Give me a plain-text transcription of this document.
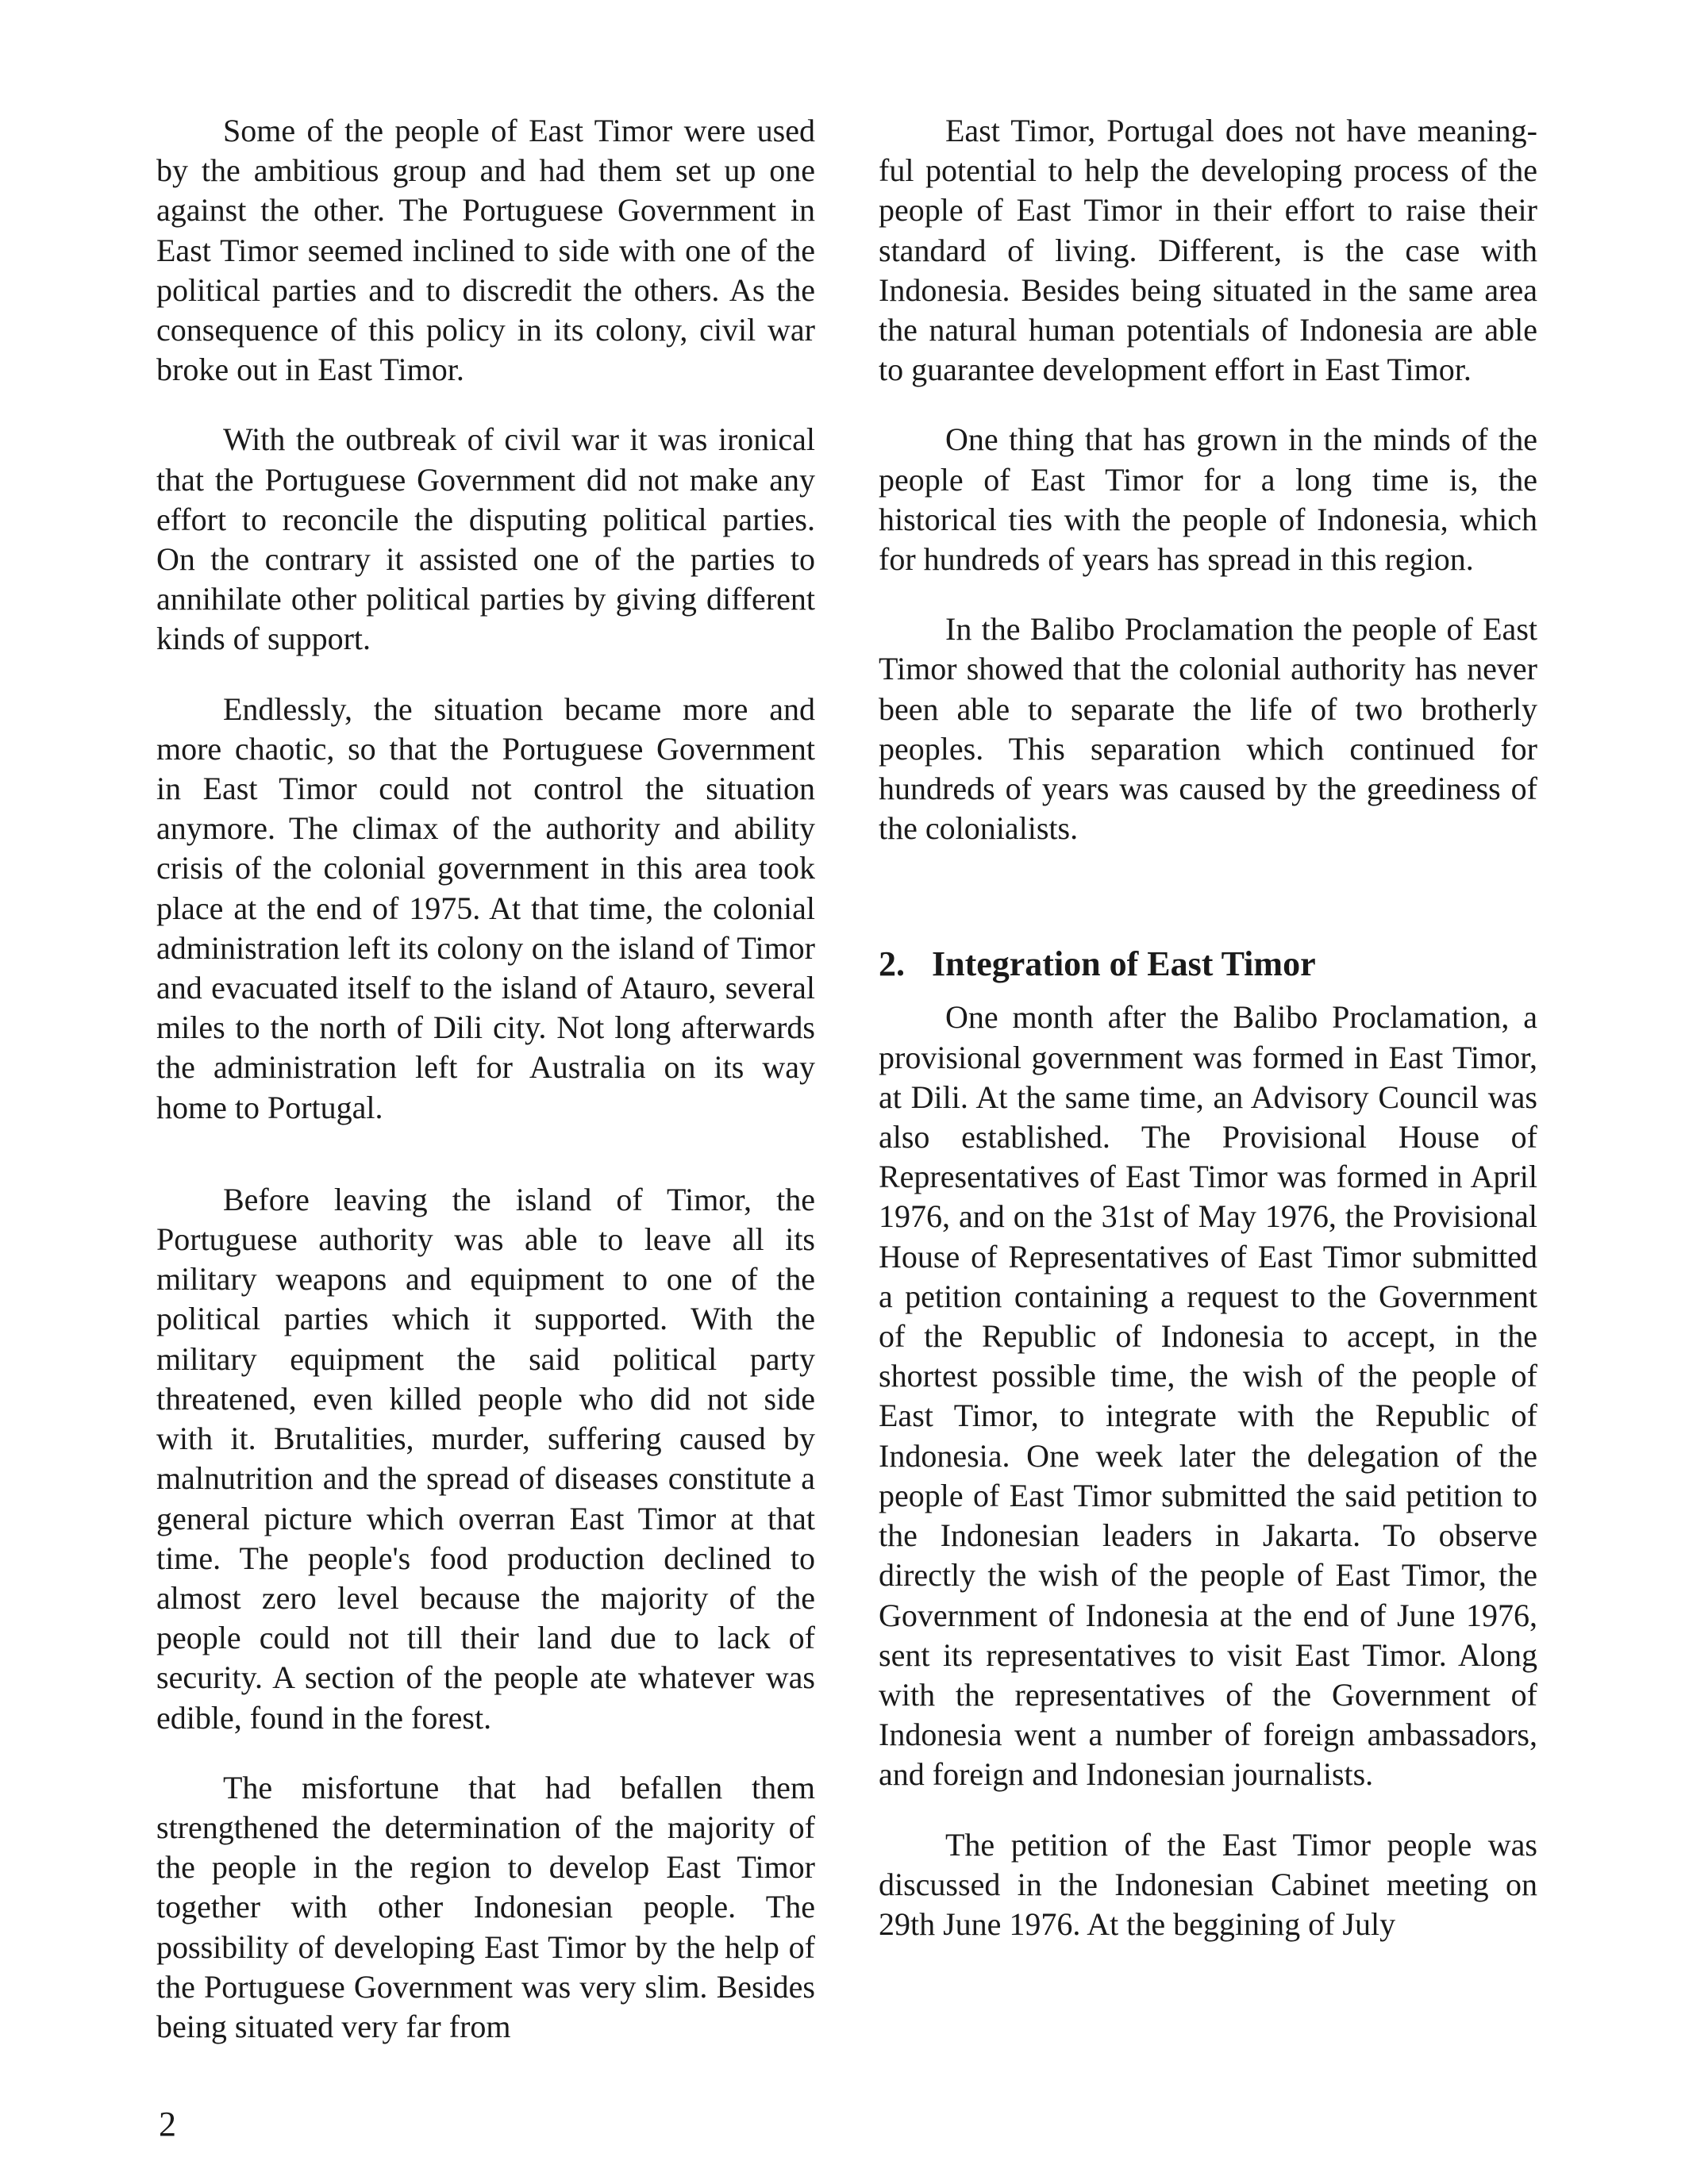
Some of the people of East Timor were used by the ambitious group and had them set up one against the other. The Portuguese Government in East Timor seemed inclined to side with one of the political parties and to discredit the others. As the consequence of this policy in its colony, civil war broke out in East Timor.

With the outbreak of civil war it was ironical that the Portuguese Government did not make any effort to reconcile the disputing political parties. On the contrary it assisted one of the parties to annihilate other political parties by giving different kinds of support.

Endlessly, the situation became more and more chaotic, so that the Portuguese Government in East Timor could not control the situation anymore. The climax of the authority and ability crisis of the colonial government in this area took place at the end of 1975. At that time, the colonial administration left its colony on the island of Timor and evacuated itself to the island of Atauro, several miles to the north of Dili city. Not long afterwards the administration left for Australia on its way home to Portugal.

Before leaving the island of Timor, the Portuguese authority was able to leave all its military weapons and equipment to one of the political parties which it supported. With the military equipment the said political party threatened, even killed people who did not side with it. Brutalities, murder, suffering caused by malnutrition and the spread of diseases constitute a general picture which overran East Timor at that time. The people's food production declined to almost zero level because the majority of the people could not till their land due to lack of security. A section of the people ate whatever was edible, found in the forest.

The misfortune that had befallen them strengthened the determination of the majority of the people in the region to develop East Timor together with other Indonesian people. The possibility of developing East Timor by the help of the Portuguese Government was very slim. Besides being situated very far from

East Timor, Portugal does not have meaningful potential to help the developing process of the people of East Timor in their effort to raise their standard of living. Different, is the case with Indonesia. Besides being situated in the same area the natural human potentials of Indonesia are able to guarantee development effort in East Timor.

One thing that has grown in the minds of the people of East Timor for a long time is, the historical ties with the people of Indonesia, which for hundreds of years has spread in this region.

In the Balibo Proclamation the people of East Timor showed that the colonial authority has never been able to separate the life of two brotherly peoples. This separation which continued for hundreds of years was caused by the greediness of the colonialists.

2. Integration of East Timor

One month after the Balibo Proclamation, a provisional government was formed in East Timor, at Dili. At the same time, an Advisory Council was also established. The Provisional House of Representatives of East Timor was formed in April 1976, and on the 31st of May 1976, the Provisional House of Representatives of East Timor submitted a petition containing a request to the Government of the Republic of Indonesia to accept, in the shortest possible time, the wish of the people of East Timor, to integrate with the Republic of Indonesia. One week later the delegation of the people of East Timor submitted the said petition to the Indonesian leaders in Jakarta. To observe directly the wish of the people of East Timor, the Government of Indonesia at the end of June 1976, sent its representatives to visit East Timor. Along with the representatives of the Government of Indonesia went a number of foreign ambassadors, and foreign and Indonesian journalists.

The petition of the East Timor people was discussed in the Indonesian Cabinet meeting on 29th June 1976. At the beggining of July

2
